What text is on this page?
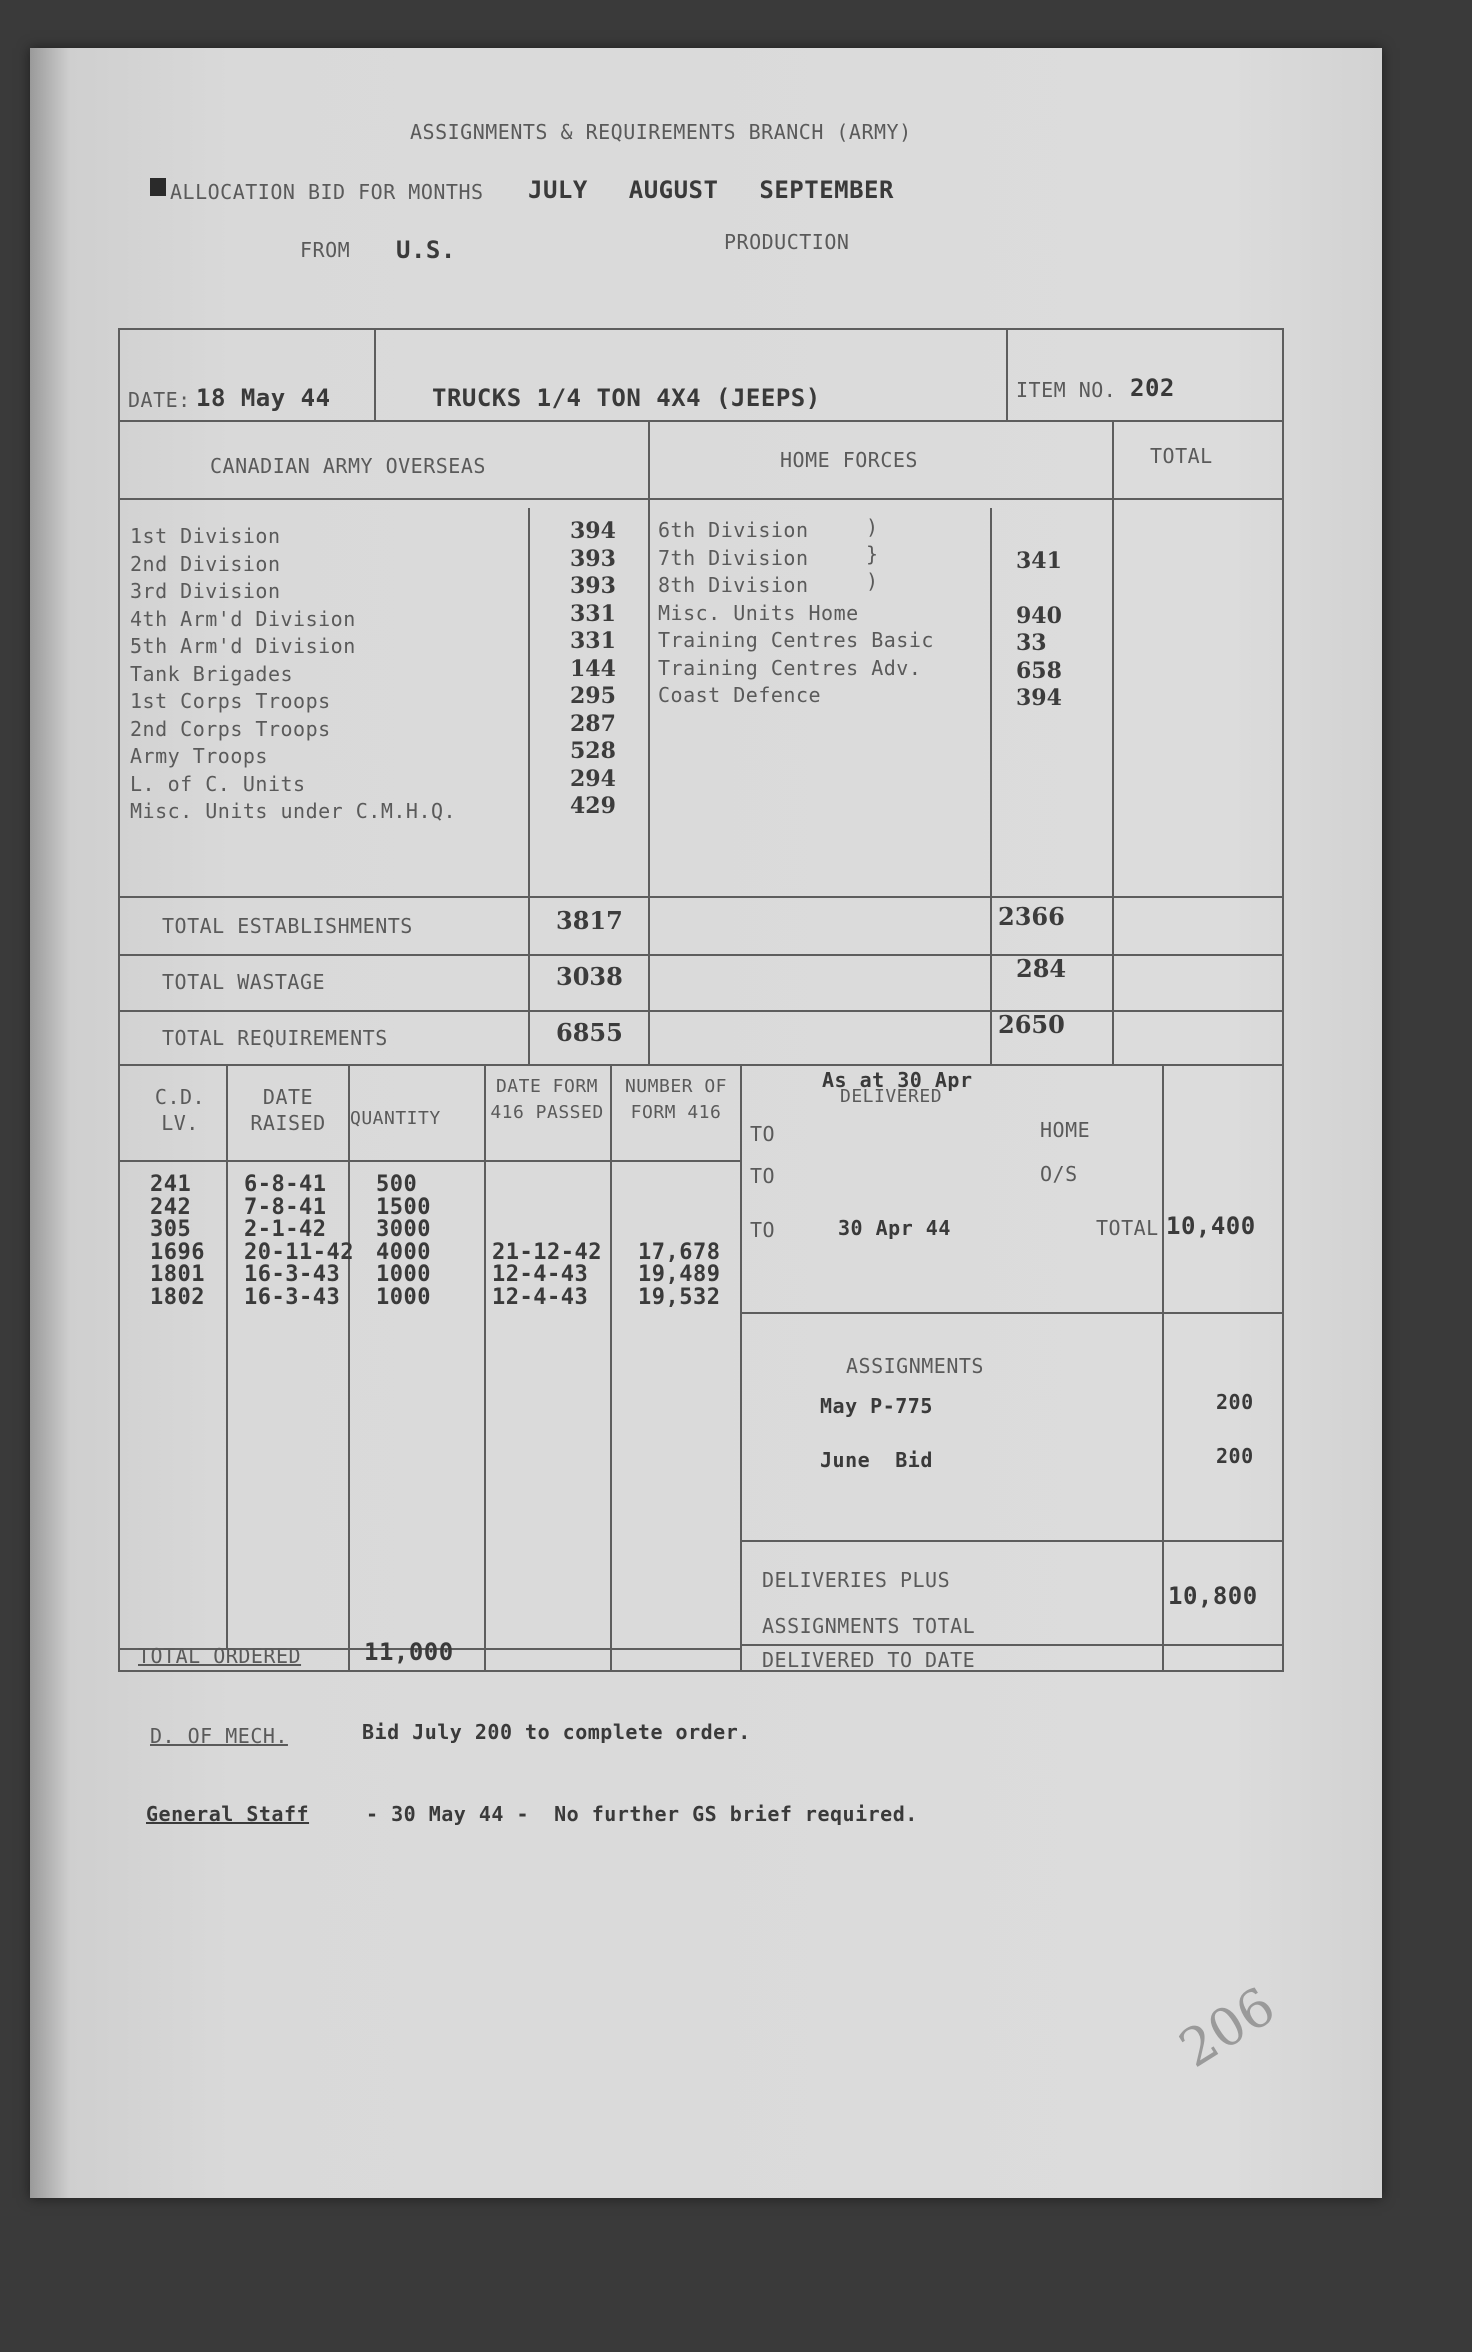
ASSIGNMENTS & REQUIREMENTS BRANCH (ARMY)
ALLOCATION BID FOR MONTHS JULY AUGUST SEPTEMBER
FROM U.S.	PRODUCTION
DATE: 18 May 44	TRUCKS 1/4 TON 4X4 (JEEPS)	ITEM NO. 202
CANADIAN ARMY OVERSEAS	HOME FORCES	TOTAL
1st Division	394
2nd Division	393
3rd Division	393
4th Arm'd Division	331
5th Arm'd Division	331
Tank Brigades	144
1st Corps Troops	295
2nd Corps Troops	287
Army Troops	528
L. of C. Units	294
Misc. Units under C.M.H.Q.	429
6th Division
7th Division	341
8th Division
Misc. Units Home	940
Training Centres Basic	33
Training Centres Adv.	658
Coast Defence	394
)
}
)
TOTAL ESTABLISHMENTS	3817	2366
TOTAL WASTAGE	3038	284
TOTAL REQUIREMENTS	6855	2650
C.D. LV.
DATE RAISED	QUANTITY
DATE FORM 416 PASSED
NUMBER OF FORM 416
241 6-8-41 500
242 7-8-41 1500
305 2-1-42 3000
1696 20-11-42 4000	21-12-42 17,678
1801 16-3-43 1000	12-4-43 19,489
1802 16-3-43 1000	12-4-43 19,532
TOTAL ORDERED	11,000
As at 30 Apr
DELIVERED
TO	HOME
TO	O/S
TO	30 Apr 44	TOTAL 10,400
ASSIGNMENTS
May P-775	200
June  Bid	200
DELIVERIES PLUS
ASSIGNMENTS TOTAL
10,800
DELIVERED TO DATE
D. OF MECH.	Bid July 200 to complete order.
General Staff	- 30 May 44 -  No further GS brief required.
206
